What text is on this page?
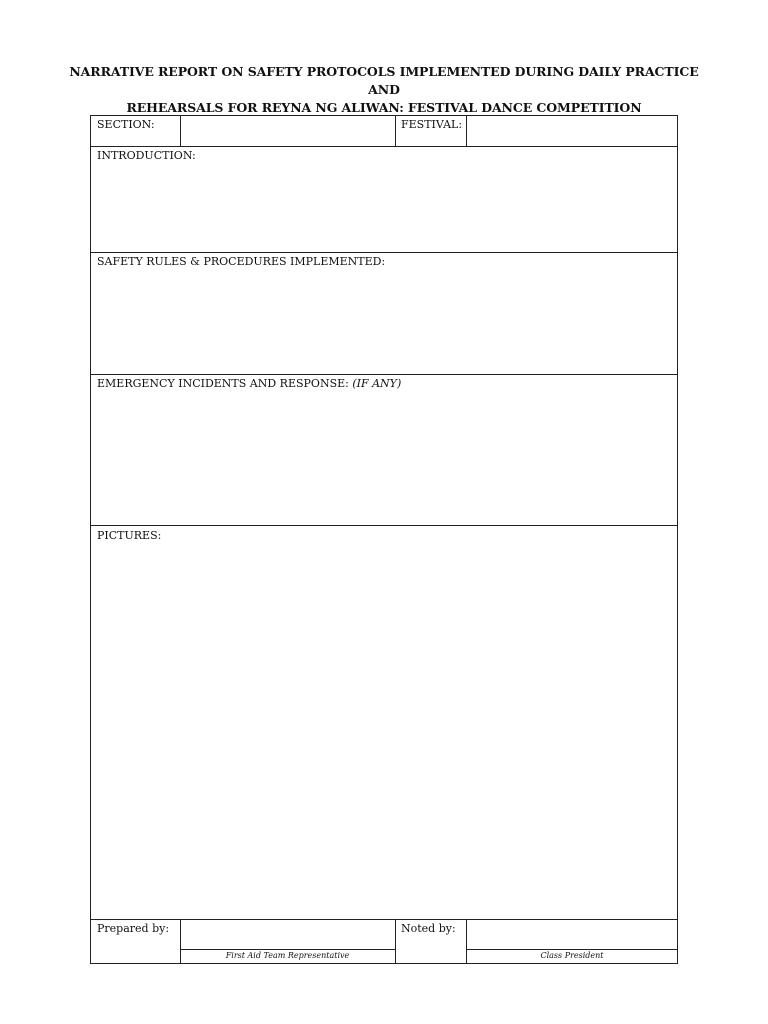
NARRATIVE REPORT ON SAFETY PROTOCOLS IMPLEMENTED DURING DAILY PRACTICE AND
REHEARSALS FOR REYNA NG ALIWAN: FESTIVAL DANCE COMPETITION
SECTION:	FESTIVAL:
INTRODUCTION:
SAFETY RULES & PROCEDURES IMPLEMENTED:
EMERGENCY INCIDENTS AND RESPONSE: (IF ANY)
PICTURES:
Prepared by:
First Aid Team Representative
Noted by:
Class President
